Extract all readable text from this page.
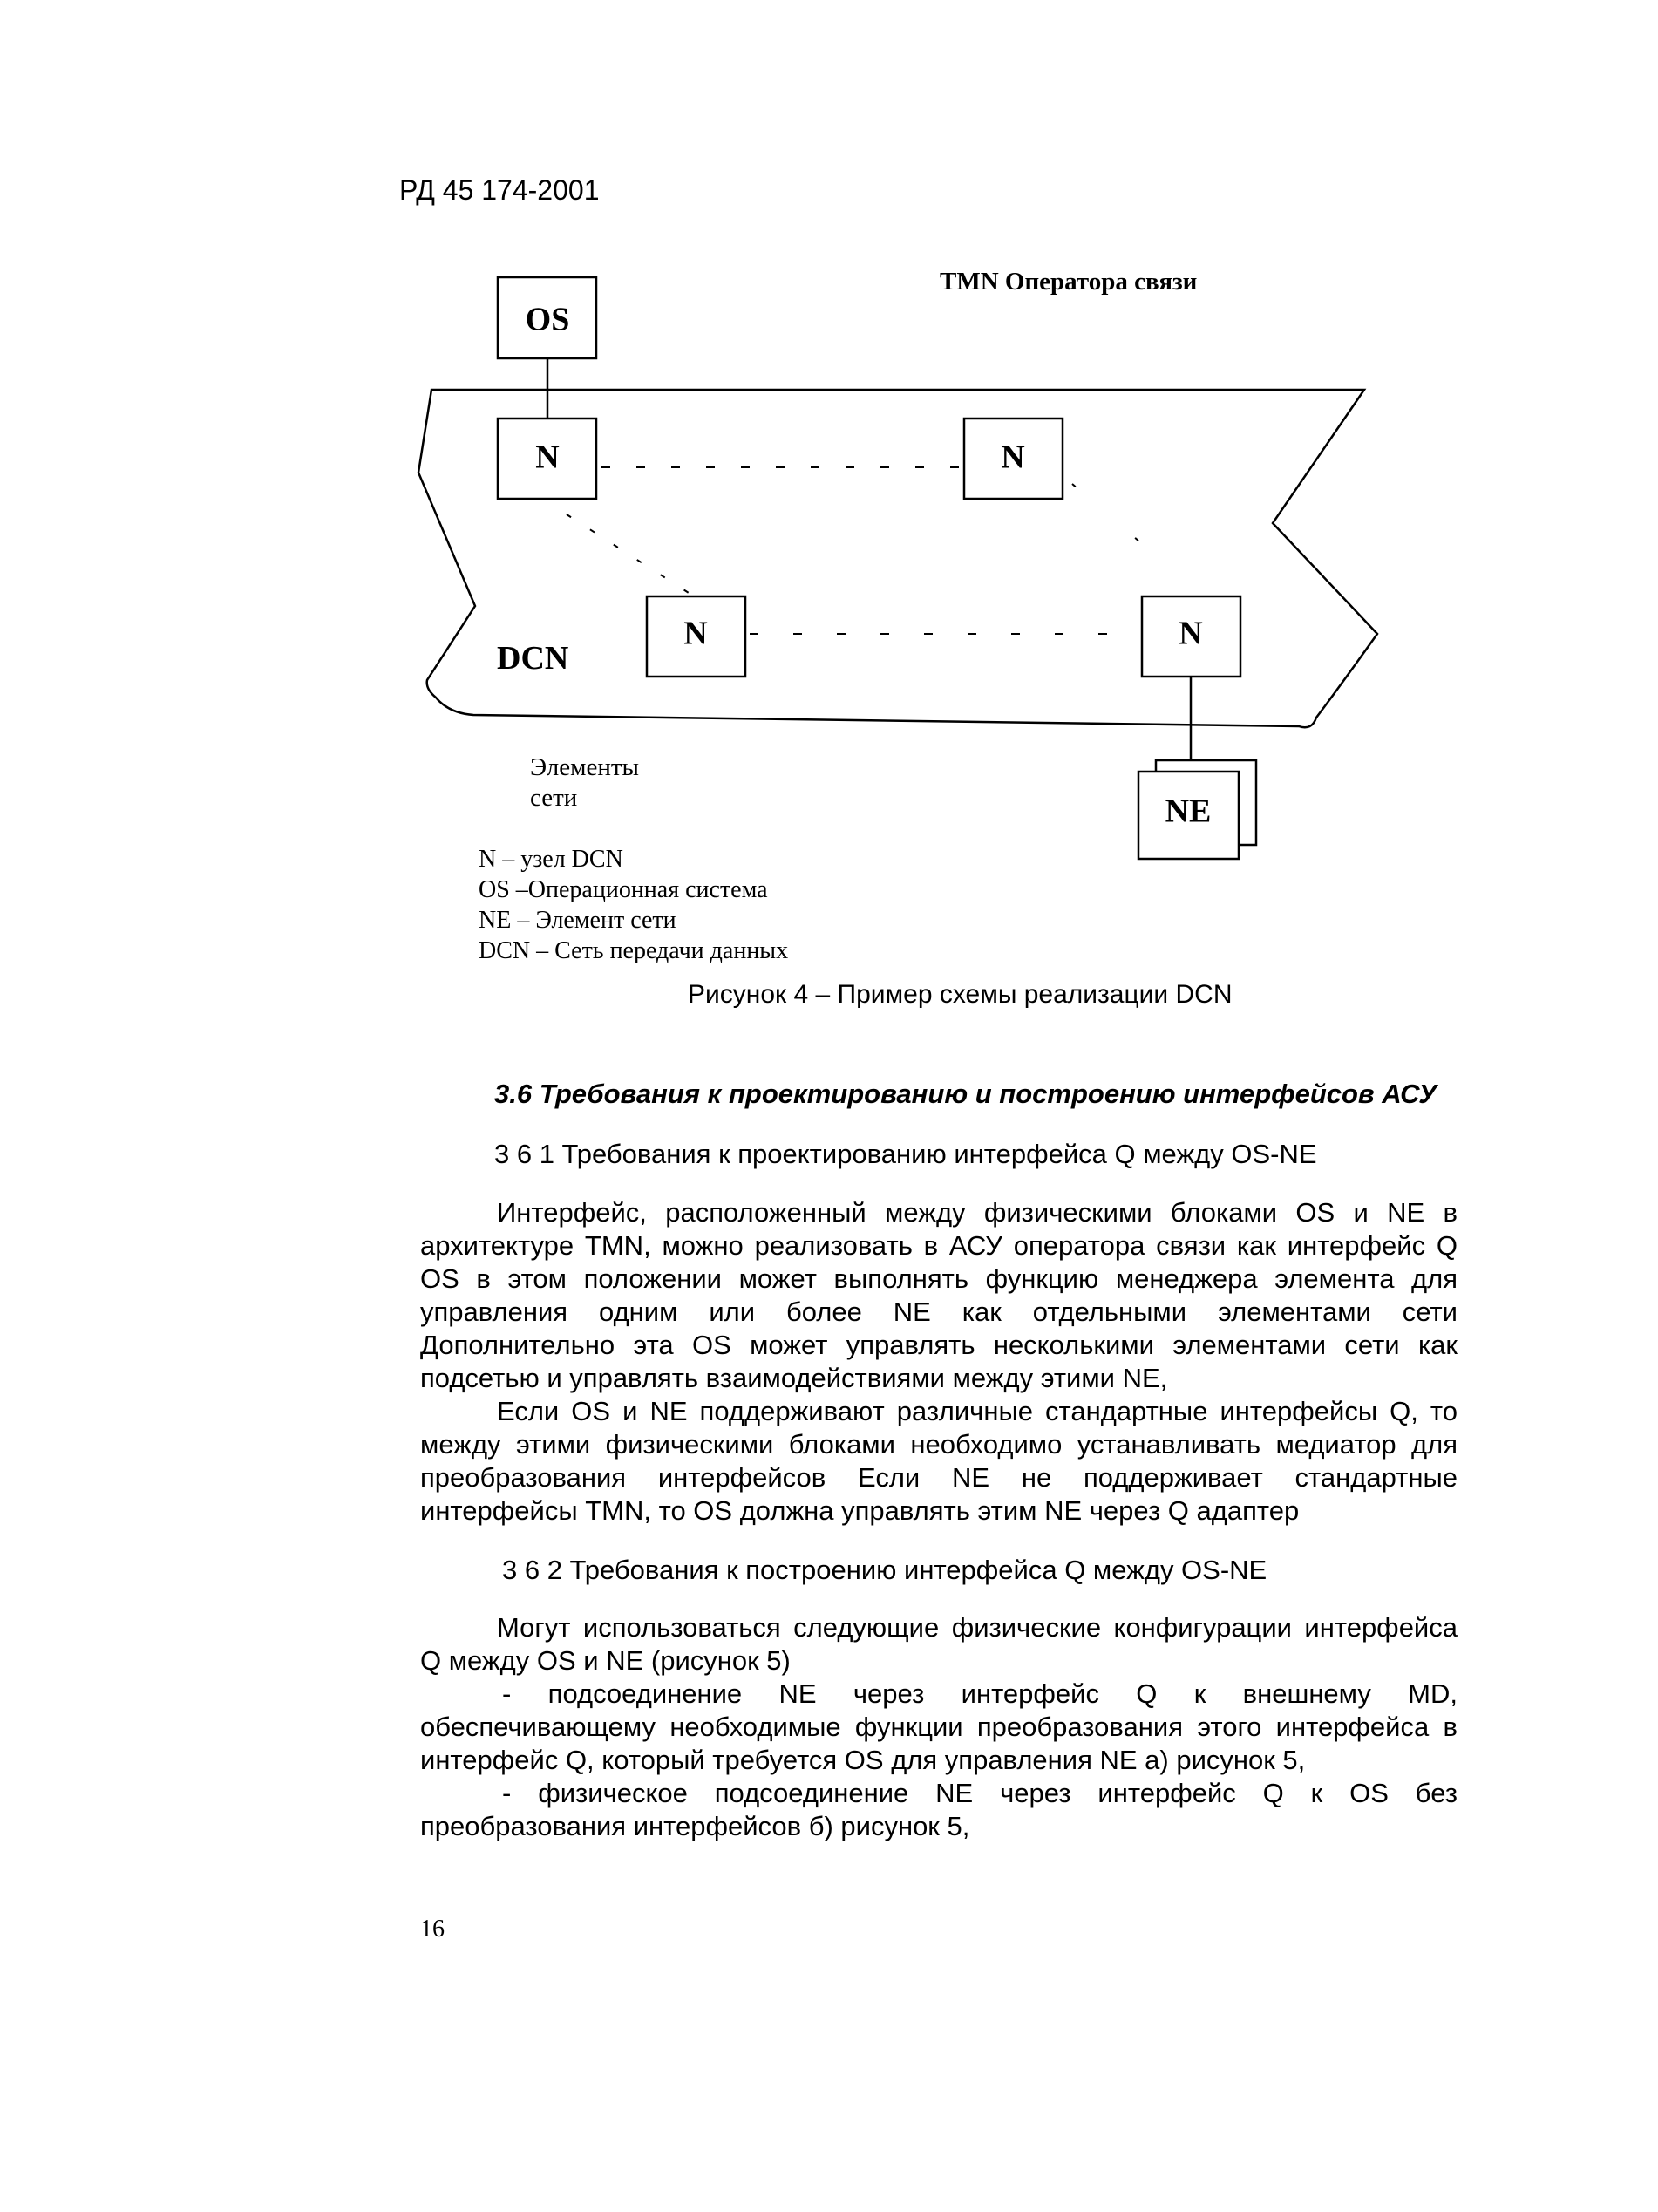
РД 45 174-2001
OS
N	N
N	N
DCN
NE
TMN Оператора связи
Элементы
сети
N – узел DCN
OS –Операционная система
NE – Элемент сети
DCN – Сеть передачи данных
Рисунок 4 – Пример схемы реализации DCN
3.6 Требования к проектированию и построению интерфейсов АСУ
3 6 1 Требования к проектированию интерфейса Q между OS-NE

Интерфейс, расположенный между физическими блоками OS и NE в архитектуре TMN, можно реализовать в АСУ оператора связи как интерфейс Q OS в этом положении может выполнять функцию менеджера элемента для управления одним или более NE как отдельными элементами сети Дополнительно эта OS может управлять несколькими элементами сети как подсетью и управлять взаимодействиями между этими NE,

Если OS и NE поддерживают различные стандартные интерфейсы Q, то между этими физическими блоками необходимо устанавливать медиатор для преобразования интерфейсов Если NE не поддерживает стандартные интерфейсы TMN, то OS должна управлять этим NE через Q адаптер

3 6 2 Требования к построению интерфейса Q между OS-NE

Могут использоваться следующие физические конфигурации интерфейса Q между OS и NE (рисунок 5)

- подсоединение NE через интерфейс Q к внешнему MD, обеспечивающему необходимые функции преобразования этого интерфейса в интерфейс Q, который требуется OS для управления NE а) рисунок 5,

- физическое подсоединение NE через интерфейс Q к OS без преобразования интерфейсов б) рисунок 5,

16
